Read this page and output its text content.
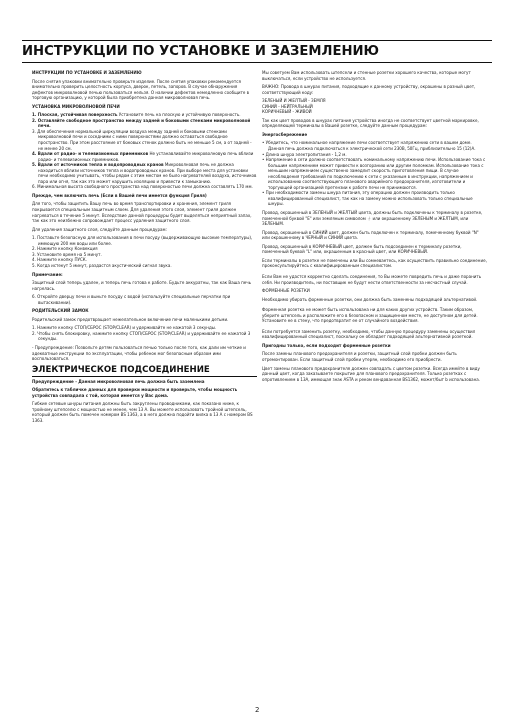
ИНСТРУКЦИИ ПО УСТАНОВКЕ И ЗАЗЕМЛЕНИЮ

ИНСТРУКЦИИ ПО УСТАНОВКЕ И ЗАЗЕМЛЕНИЮ

После снятия упаковки внимательно проверьте изделие. После снятия упаковки рекомендуется внимательно проверить целостность корпуса, дверок, петель, запоров. В случае обнаружения дефектов микроволновой печью пользоваться нельзя. О наличии дефектов немедленно сообщите в торговую организацию, у которой была приобретена данная микроволновая печь.

УСТАНОВКА МИКРОВОЛНОВОЙ ПЕЧИ

1. Плоская, устойчивая поверхность Установите печь на плоскую и устойчивую поверхность.
2. Оставляйте свободное пространство между задней и боковыми стенками микроволновой печи.
3. Для обеспечения нормальной циркуляции воздуха между задней и боковыми стенками микроволновой печи и соседними с ними поверхностями должно оставаться свободное пространство. При этом расстояние от боковых стенок должно быть не меньше 5 см, а от задней - не менее 20 см.
4. Вдали от радио- и телевизионных приемников Не устанавливайте микроволновую печь вблизи радио- и телевизионных приемников.
5. Вдали от источников тепла и водопроводных кранов Микроволновая печь не должна находиться вблизи источников тепла и водопроводных кранов. При выборе места для установки печи необходимо учитывать, чтобы рядом с этим местом не было нагревателей воздуха, источников пара или огня, так как это может нарушить изоляцию и привести к замыканию.
6. Минимальная высота свободного пространства над поверхностью печи должна составлять 170 мм.

Прежде, чем включить печь (Если в Вашей печи имеется функция Гриля)

Для того, чтобы защитить Вашу печь во время транспортировки и хранения, элемент гриля покрывается специальным защитным слоем. Для удаления этого слоя, элемент гриля должен нагреваться в течение 5 минут. Вследствие данной процедуры будет выделяться неприятный запах, так как это неизбежно сопровождает процесс удаления защитного слоя.

Для удаления защитного слоя, следуйте данным процедурам:

1. Поставьте безопасную для использования в печи посуду (выдерживающую высокие температуры), имеющую 200 мм воды или более.
2. Нажмите кнопку Конвекция
3. Установите время на 5 минут.
4. Нажмите кнопку ПУСК.
5. Когда истекут 5 минут, раздастся акустический сигнал звука.

Примечание:

Защитный слой теперь удален, и теперь печь готова к работе. Будьте аккуратны, так как Ваша печь нагрелась.

6. Откройте дверцу печи и выньте посуду с водой (используйте специальные перчатки при вытаскивании).

РОДИТЕЛЬСКИЙ ЗАМОК

Родительский замок предотвращает нежелательное включение печи маленькими детьми.

1. Нажмите кнопку СТОП/СБРОС (STOP/CLEAR) и удерживайте не нажатой 3 секунды.
2. Чтобы снять блокировку, нажмите кнопку СТОП/СБРОС (STOP/CLEAR) и удерживайте ее нажатой 3 секунды.

- Предупреждение: Позвольте детям пользоваться печью только после того, как дали им четкие и адекватные инструкции по эксплуатации, чтобы ребенок мог безопасным образом ими воспользоваться.

ЭЛЕКТРИЧЕСКОЕ ПОДСОЕДИНЕНИЕ

Предупреждение - Данная микроволновая печь должна быть заземлена

Обратитесь к табличке данных для проверки мощности и проверьте, чтобы мощность устройства совпадала с той, которая имеется у Вас дома.

Гибкие сетевые шнуры питания должны быть закруглены проводниками, как показано ниже, к тройному штепселю с мощностью не менее, чем 13 А. Вы можете использовать тройной штепсель, который должен быть помечен номером BS 1363, а в него должна подойти вилка в 13 А с номером BS 1363.

Мы советуем Вам использовать штепсели и стенные розетки хорошего качества, которые могут выключаться, если устройство не используется.

ВАЖНО: Провода в шнурах питания, подходящие к данному устройству, окрашены в разный цвет, соответствующий коду:

ЗЕЛЕНЫЙ И ЖЕЛТЫЙ - ЗЕМЛЯ

СИНИЙ - НЕЙТРАЛЬНЫЙ

КОРИЧНЕВЫЙ - ЖИВОЙ

Так как цвет проводов в шнурах питания устройства иногда не соответствует цветной маркировке, определяющей терминалы в Вашей розетке, следуйте данным процедурам:

Энергосбережение

• Убедитесь, что номинальное напряжение печи соответствует напряжению сети в вашем доме. Данная печь должна подключаться к электрической сети 230В, 50Гц, приблизительно 15 (12)А.
• Длина шнура электропитания - 1,2 м.
• Напряжение в сети должно соответствовать номинальному напряжению печи. Использование тока с большим напряжением может привести к возгоранию или другим поломкам. Использование тока с меньшим напряжением существенно замедлит скорость приготовления пищи. В случае несоблюдения требований по подключению к сети с указанным в инструкции, напряжением и использованию соответствующего планового аварийного предохранителя, изготовители и торгующей организацией претензии к работе печи не принимаются.
• При необходимости замены шнура питания, эту операцию должен производить только квалифицированный специалист, так как на замену можно использовать только специальные шнуры.

Провод, окрашенный в ЗЕЛЕНЫЙ и ЖЕЛТЫЙ цвета, должны быть подключены к терминалу в розетке, помеченной буквой "Е" или земляным символом ⏚ или окрашенному ЗЕЛЕНЫМ и ЖЕЛТЫМ, или ЗЕЛЕНЫМ.

Провод, окрашенный в СИНИЙ цвет, должен быть подключен к терминалу, помеченному буквой "N" или окрашенному в ЧЕРНЫЙ и СИНИЙ цвета.

Провод, окрашенный в КОРИЧНЕВЫЙ цвет, должен быть подсоединен к терминалу розетки, помеченный буквой "L" или, окрашенным в красный цвет, или КОРИЧНЕВЫЙ.

Если терминалы в розетке не помечены или Вы сомневаетесь, как осуществить правильно соединение, проконсультируйтесь с квалифицированным специалистом.

Если Вам не удастся корректно сделать соединения, то Вы можете повредить печь и даже поранить себя. Ни производитель, ни поставщик не будут нести ответственности за несчастный случай.

ФОРМЕННЫЕ РОЗЕТКИ

Необходимо убирать форменные розетки, они должна быть заменены подходящей альтернативой.

Форменная розетка не может быть использована ни для каких других устройств. Таким образом, уберите штепсель и расположите его в безопасном и защищенном месте, не доступном для детей. Установите ее в стену, что предотвратит ее от случайного воздействия.

Если потребуется заменить розетку, необходимо, чтобы данную процедуру заменены осуществил квалифицированный специалист, поскольку он обладает подходящей альтернативной розеткой.

Пригодны только, если подходит форменные розетки

После замены планового предохранителя и розетки, защитный слой пробки должен быть отремонтирован. Если защитный слой пробки утерян, необходимо его приобрести.

Цвет замены планового предохранителя должен совпадать с цветом розетки. Всегда имейте в виду данный цвет, когда заказываете покрытие для планового предохранителя. Только розетках с опротивлением в 13А, имеющая знак ASTA и реком вендованная BS1362, может/быт b использована.

2
